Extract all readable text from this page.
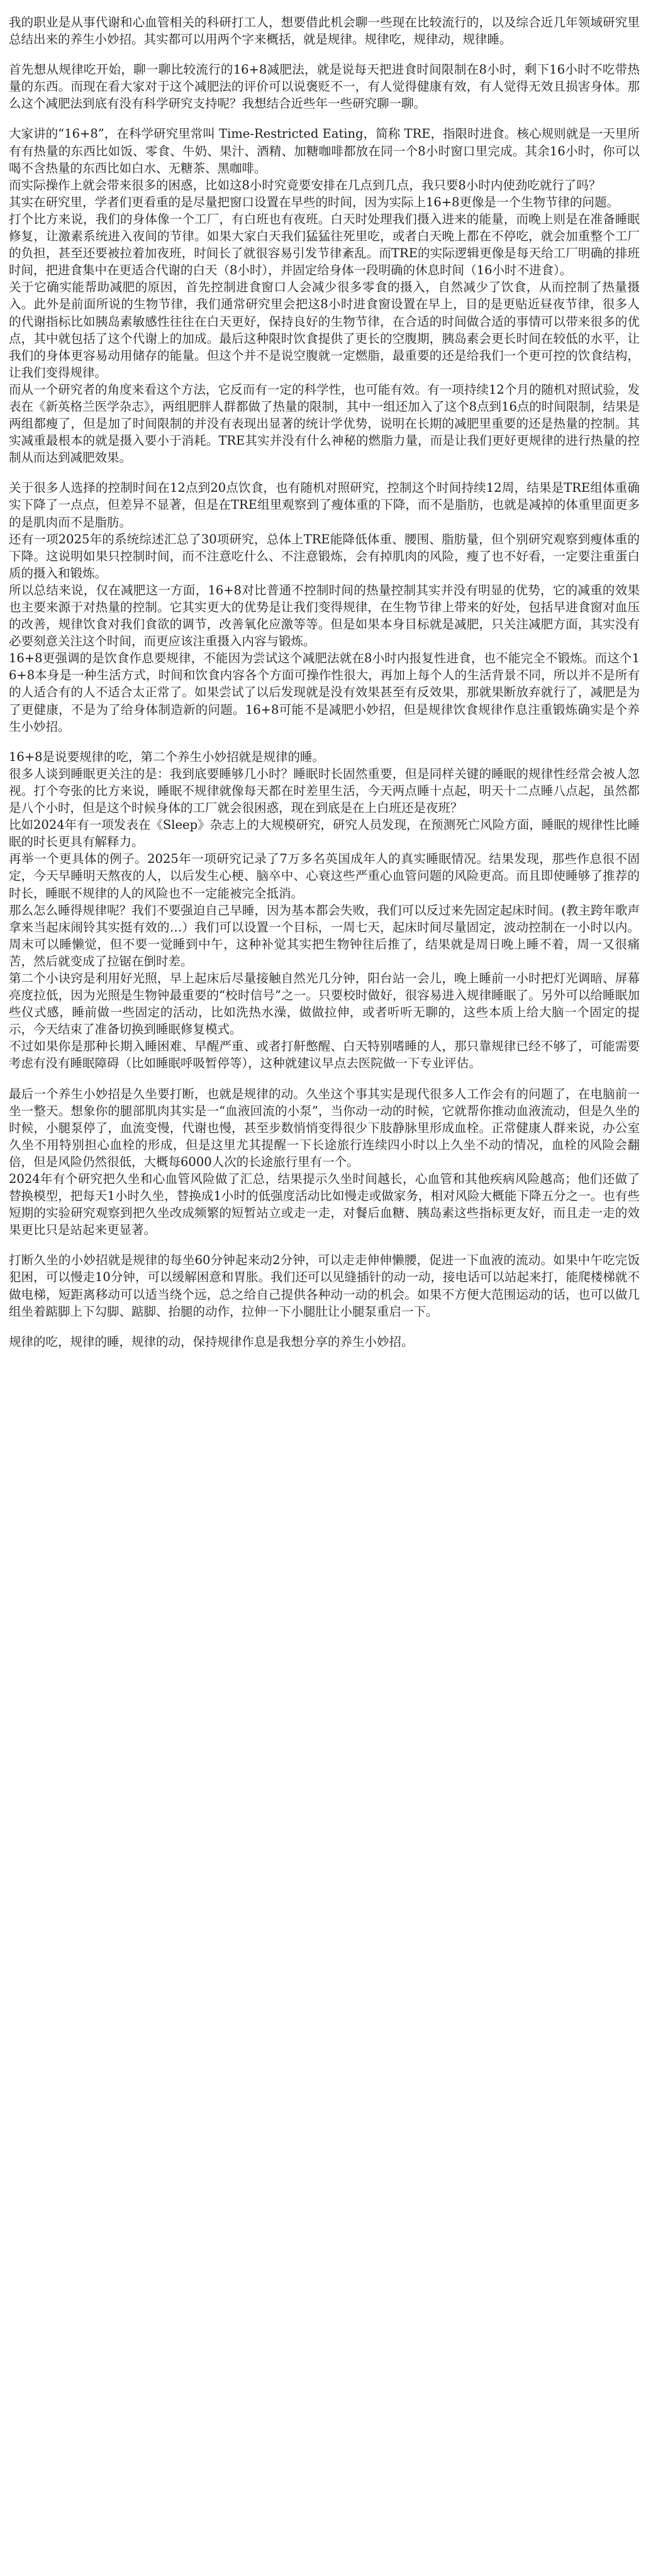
我的职业是从事代谢和心血管相关的科研打工人，想要借此机会聊一些现在比较流行的，以及综合近几年领域研究里总结出来的养生小妙招。其实都可以用两个字来概括，就是规律。规律吃，规律动，规律睡。

首先想从规律吃开始，聊一聊比较流行的16+8减肥法，就是说每天把进食时间限制在8小时，剩下16小时不吃带热量的东西。而现在看大家对于这个减肥法的评价可以说褒贬不一，有人觉得健康有效，有人觉得无效且损害身体。那么这个减肥法到底有没有科学研究支持呢？我想结合近些年一些研究聊一聊。

大家讲的“16+8”，在科学研究里常叫 Time-Restricted Eating，简称 TRE，指限时进食。核心规则就是一天里所有有热量的东西比如饭、零食、牛奶、果汁、酒精、加糖咖啡都放在同一个8小时窗口里完成。其余16小时，你可以喝不含热量的东西比如白水、无糖茶、黑咖啡。
而实际操作上就会带来很多的困惑，比如这8小时究竟要安排在几点到几点，我只要8小时内使劲吃就行了吗？
其实在研究里，学者们更看重的是尽量把窗口设置在早些的时间，因为实际上16+8更像是一个生物节律的问题。
打个比方来说，我们的身体像一个工厂，有白班也有夜班。白天时处理我们摄入进来的能量，而晚上则是在准备睡眠修复，让激素系统进入夜间的节律。如果大家白天我们猛猛往死里吃，或者白天晚上都在不停吃，就会加重整个工厂的负担，甚至还要被拉着加夜班，时间长了就很容易引发节律紊乱。而TRE的实际逻辑更像是每天给工厂明确的排班时间，把进食集中在更适合代谢的白天（8小时），并固定给身体一段明确的休息时间（16小时不进食）。
关于它确实能帮助减肥的原因，首先控制进食窗口人会减少很多零食的摄入，自然减少了饮食，从而控制了热量摄入。此外是前面所说的生物节律，我们通常研究里会把这8小时进食窗设置在早上，目的是更贴近昼夜节律，很多人的代谢指标比如胰岛素敏感性往往在白天更好，保持良好的生物节律，在合适的时间做合适的事情可以带来很多的优点，其中就包括了这个代谢上的加成。最后这种限时饮食提供了更长的空腹期，胰岛素会更长时间在较低的水平，让我们的身体更容易动用储存的能量。但这个并不是说空腹就一定燃脂，最重要的还是给我们一个更可控的饮食结构，让我们变得规律。
而从一个研究者的角度来看这个方法，它反而有一定的科学性，也可能有效。有一项持续12个月的随机对照试验，发表在《新英格兰医学杂志》，两组肥胖人群都做了热量的限制，其中一组还加入了这个8点到16点的时间限制，结果是两组都瘦了，但是加了时间限制的并没有表现出显著的统计学优势，说明在长期的减肥里重要的还是热量的控制。其实减重最根本的就是摄入要小于消耗。TRE其实并没有什么神秘的燃脂力量，而是让我们更好更规律的进行热量的控制从而达到减肥效果。

关于很多人选择的控制时间在12点到20点饮食，也有随机对照研究，控制这个时间持续12周，结果是TRE组体重确实下降了一点点，但差异不显著，但是在TRE组里观察到了瘦体重的下降，而不是脂肪，也就是减掉的体重里面更多的是肌肉而不是脂肪。
还有一项2025年的系统综述汇总了30项研究，总体上TRE能降低体重、腰围、脂肪量，但个别研究观察到瘦体重的下降。这说明如果只控制时间，而不注意吃什么、不注意锻炼，会有掉肌肉的风险，瘦了也不好看，一定要注重蛋白质的摄入和锻炼。
所以总结来说，仅在减肥这一方面，16+8对比普通不控制时间的热量控制其实并没有明显的优势，它的减重的效果也主要来源于对热量的控制。它其实更大的优势是让我们变得规律，在生物节律上带来的好处，包括早进食窗对血压的改善，规律饮食对我们食欲的调节，改善氧化应激等等。但是如果本身目标就是减肥，只关注减肥方面，其实没有必要刻意关注这个时间，而更应该注重摄入内容与锻炼。
16+8更强调的是饮食作息要规律，不能因为尝试这个减肥法就在8小时内报复性进食，也不能完全不锻炼。而这个16+8本身是一种生活方式，时间和饮食内容各个方面可操作性很大，再加上每个人的生活背景不同，所以并不是所有的人适合有的人不适合太正常了。如果尝试了以后发现就是没有效果甚至有反效果，那就果断放弃就行了，减肥是为了更健康，不是为了给身体制造新的问题。16+8可能不是减肥小妙招，但是规律饮食规律作息注重锻炼确实是个养生小妙招。

16+8是说要规律的吃，第二个养生小妙招就是规律的睡。
很多人谈到睡眠更关注的是：我到底要睡够几小时？睡眠时长固然重要，但是同样关键的睡眠的规律性经常会被人忽视。打个夸张的比方来说，睡眠不规律就像每天都在时差里生活，今天两点睡十点起，明天十二点睡八点起，虽然都是八个小时，但是这个时候身体的工厂就会很困惑，现在到底是在上白班还是夜班？
比如2024年有一项发表在《Sleep》杂志上的大规模研究，研究人员发现，在预测死亡风险方面，睡眠的规律性比睡眠的时长更具有解释力。
再举一个更具体的例子。2025年一项研究记录了7万多名英国成年人的真实睡眠情况。结果发现，那些作息很不固定，今天早睡明天熬夜的人，以后发生心梗、脑卒中、心衰这些严重心血管问题的风险更高。而且即使睡够了推荐的时长，睡眠不规律的人的风险也不一定能被完全抵消。
那么怎么睡得规律呢？我们不要强迫自己早睡，因为基本都会失败，我们可以反过来先固定起床时间。(教主跨年歌声拿来当起床闹铃其实挺有效的…）我们可以设置一个目标，一周七天，起床时间尽量固定，波动控制在一小时以内。周末可以睡懒觉，但不要一觉睡到中午，这种补觉其实把生物钟往后推了，结果就是周日晚上睡不着，周一又很痛苦，然后就变成了拉锯在倒时差。

第二个小诀窍是利用好光照，早上起床后尽量接触自然光几分钟，阳台站一会儿，晚上睡前一小时把灯光调暗、屏幕亮度拉低，因为光照是生物钟最重要的“校时信号”之一。只要校时做好，很容易进入规律睡眠了。另外可以给睡眠加些仪式感，睡前做一些固定的活动，比如洗热水澡，做做拉伸，或者听听无聊的，这些本质上给大脑一个固定的提示，今天结束了准备切换到睡眠修复模式。
不过如果你是那种长期入睡困难、早醒严重、或者打鼾憋醒、白天特别嗜睡的人，那只靠规律已经不够了，可能需要考虑有没有睡眠障碍（比如睡眠呼吸暂停等），这种就建议早点去医院做一下专业评估。

最后一个养生小妙招是久坐要打断，也就是规律的动。久坐这个事其实是现代很多人工作会有的问题了，在电脑前一坐一整天。想象你的腿部肌肉其实是一“血液回流的小泵”，当你动一动的时候，它就帮你推动血液流动，但是久坐的时候，小腿泵停了，血流变慢，代谢也慢，甚至步数悄悄变得很少下肢静脉里形成血栓。正常健康人群来说，办公室久坐不用特别担心血栓的形成，但是这里尤其提醒一下长途旅行连续四小时以上久坐不动的情况，血栓的风险会翻倍，但是风险仍然很低，大概每6000人次的长途旅行里有一个。
2024年有个研究把久坐和心血管风险做了汇总，结果提示久坐时间越长，心血管和其他疾病风险越高；他们还做了替换模型，把每天1小时久坐，替换成1小时的低强度活动比如慢走或做家务，相对风险大概能下降五分之一。也有些短期的实验研究观察到把久坐改成频繁的短暂站立或走一走，对餐后血糖、胰岛素这些指标更友好，而且走一走的效果更比只是站起来更显著。

打断久坐的小妙招就是规律的每坐60分钟起来动2分钟，可以走走伸伸懒腰，促进一下血液的流动。如果中午吃完饭犯困，可以慢走10分钟，可以缓解困意和胃胀。我们还可以见缝插针的动一动，接电话可以站起来打，能爬楼梯就不做电梯，短距离移动可以适当绕个远，总之给自己提供各种动一动的机会。如果不方便大范围运动的话，也可以做几组坐着踮脚上下勾脚、踮脚、抬腿的动作，拉伸一下小腿肚让小腿泵重启一下。

规律的吃，规律的睡，规律的动，保持规律作息是我想分享的养生小妙招。
